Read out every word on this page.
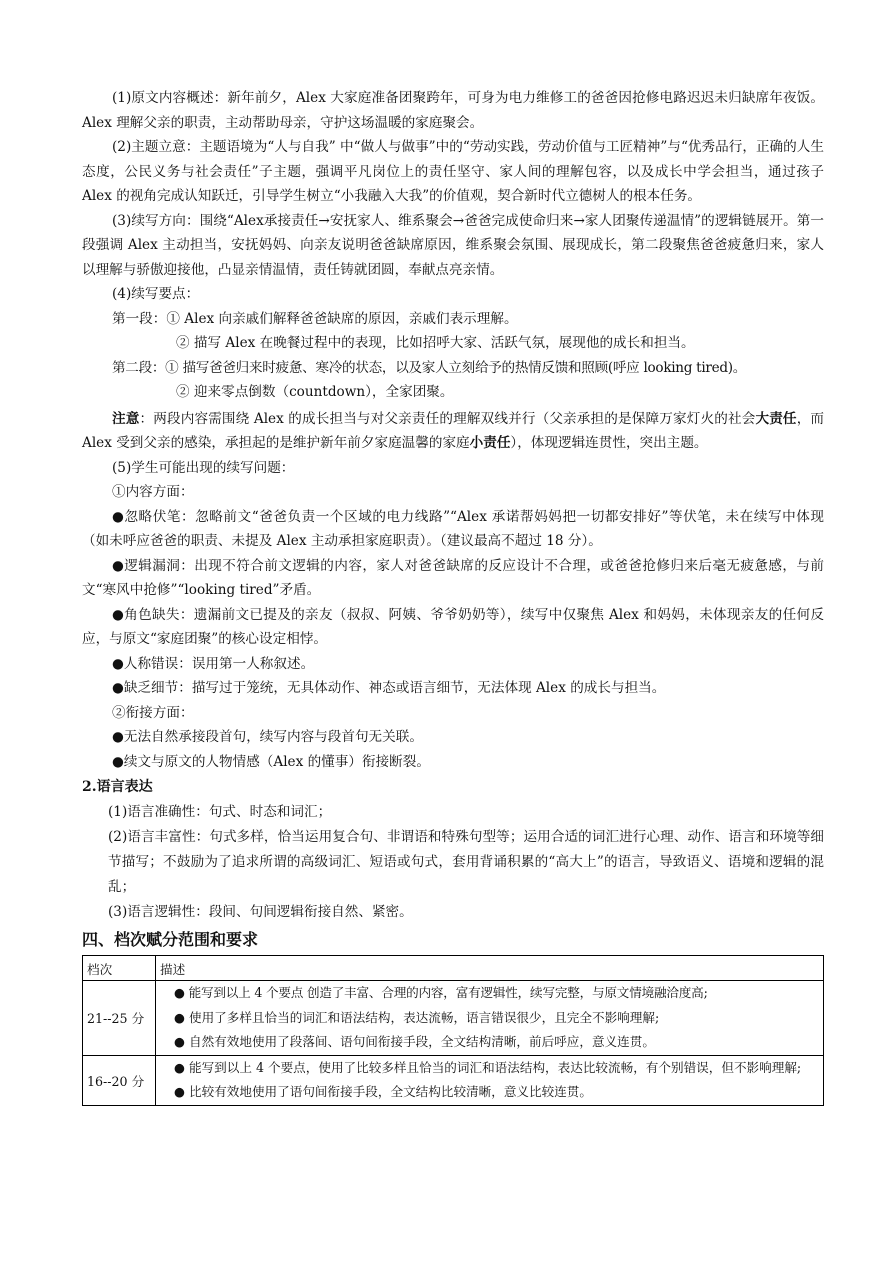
(1)原文内容概述：新年前夕，Alex 大家庭准备团聚跨年，可身为电力维修工的爸爸因抢修电路迟迟未归缺席年夜饭。Alex 理解父亲的职责，主动帮助母亲，守护这场温暖的家庭聚会。

(2)主题立意：主题语境为“人与自我” 中“做人与做事”中的“劳动实践，劳动价值与工匠精神”与“优秀品行，正确的人生态度，公民义务与社会责任”子主题，强调平凡岗位上的责任坚守、家人间的理解包容，以及成长中学会担当，通过孩子 Alex 的视角完成认知跃迁，引导学生树立“小我融入大我”的价值观，契合新时代立德树人的根本任务。

(3)续写方向：围绕“Alex承接责任→安抚家人、维系聚会→爸爸完成使命归来→家人团聚传递温情”的逻辑链展开。第一段强调 Alex 主动担当，安抚妈妈、向亲友说明爸爸缺席原因，维系聚会氛围、展现成长，第二段聚焦爸爸疲惫归来，家人以理解与骄傲迎接他，凸显亲情温情，责任铸就团圆，奉献点亮亲情。

(4)续写要点：

第一段：① Alex 向亲戚们解释爸爸缺席的原因，亲戚们表示理解。

② 描写 Alex 在晚餐过程中的表现，比如招呼大家、活跃气氛，展现他的成长和担当。

第二段：① 描写爸爸归来时疲惫、寒冷的状态，以及家人立刻给予的热情反馈和照顾(呼应 looking tired)。

② 迎来零点倒数（countdown），全家团聚。

注意：两段内容需围绕 Alex 的成长担当与对父亲责任的理解双线并行（父亲承担的是保障万家灯火的社会大责任，而 Alex 受到父亲的感染，承担起的是维护新年前夕家庭温馨的家庭小责任），体现逻辑连贯性，突出主题。

(5)学生可能出现的续写问题：

①内容方面：

●忽略伏笔：忽略前文“爸爸负责一个区域的电力线路”“Alex 承诺帮妈妈把一切都安排好”等伏笔，未在续写中体现（如未呼应爸爸的职责、未提及 Alex 主动承担家庭职责）。（建议最高不超过 18 分）。

●逻辑漏洞：出现不符合前文逻辑的内容，家人对爸爸缺席的反应设计不合理，或爸爸抢修归来后毫无疲惫感，与前文“寒风中抢修”“looking tired”矛盾。

●角色缺失：遗漏前文已提及的亲友（叔叔、阿姨、爷爷奶奶等），续写中仅聚焦 Alex 和妈妈，未体现亲友的任何反应，与原文“家庭团聚”的核心设定相悖。

●人称错误：误用第一人称叙述。

●缺乏细节：描写过于笼统，无具体动作、神态或语言细节，无法体现 Alex 的成长与担当。

②衔接方面：

●无法自然承接段首句，续写内容与段首句无关联。

●续文与原文的人物情感（Alex 的懂事）衔接断裂。

2.语言表达

(1)语言准确性：句式、时态和词汇；

(2)语言丰富性：句式多样，恰当运用复合句、非谓语和特殊句型等；运用合适的词汇进行心理、动作、语言和环境等细节描写；不鼓励为了追求所谓的高级词汇、短语或句式，套用背诵积累的“高大上”的语言，导致语义、语境和逻辑的混乱；

(3)语言逻辑性：段间、句间逻辑衔接自然、紧密。

四、档次赋分范围和要求

档次	描述
21--25 分	● 能写到以上 4 个要点 创造了丰富、合理的内容，富有逻辑性，续写完整，与原文情境融洽度高;
● 使用了多样且恰当的词汇和语法结构，表达流畅，语言错误很少，且完全不影响理解;
● 自然有效地使用了段落间、语句间衔接手段，全文结构清晰，前后呼应，意义连贯。

16--20 分	● 能写到以上 4 个要点，使用了比较多样且恰当的词汇和语法结构，表达比较流畅，有个别错误，但不影响理解;
● 比较有效地使用了语句间衔接手段，全文结构比较清晰，意义比较连贯。
